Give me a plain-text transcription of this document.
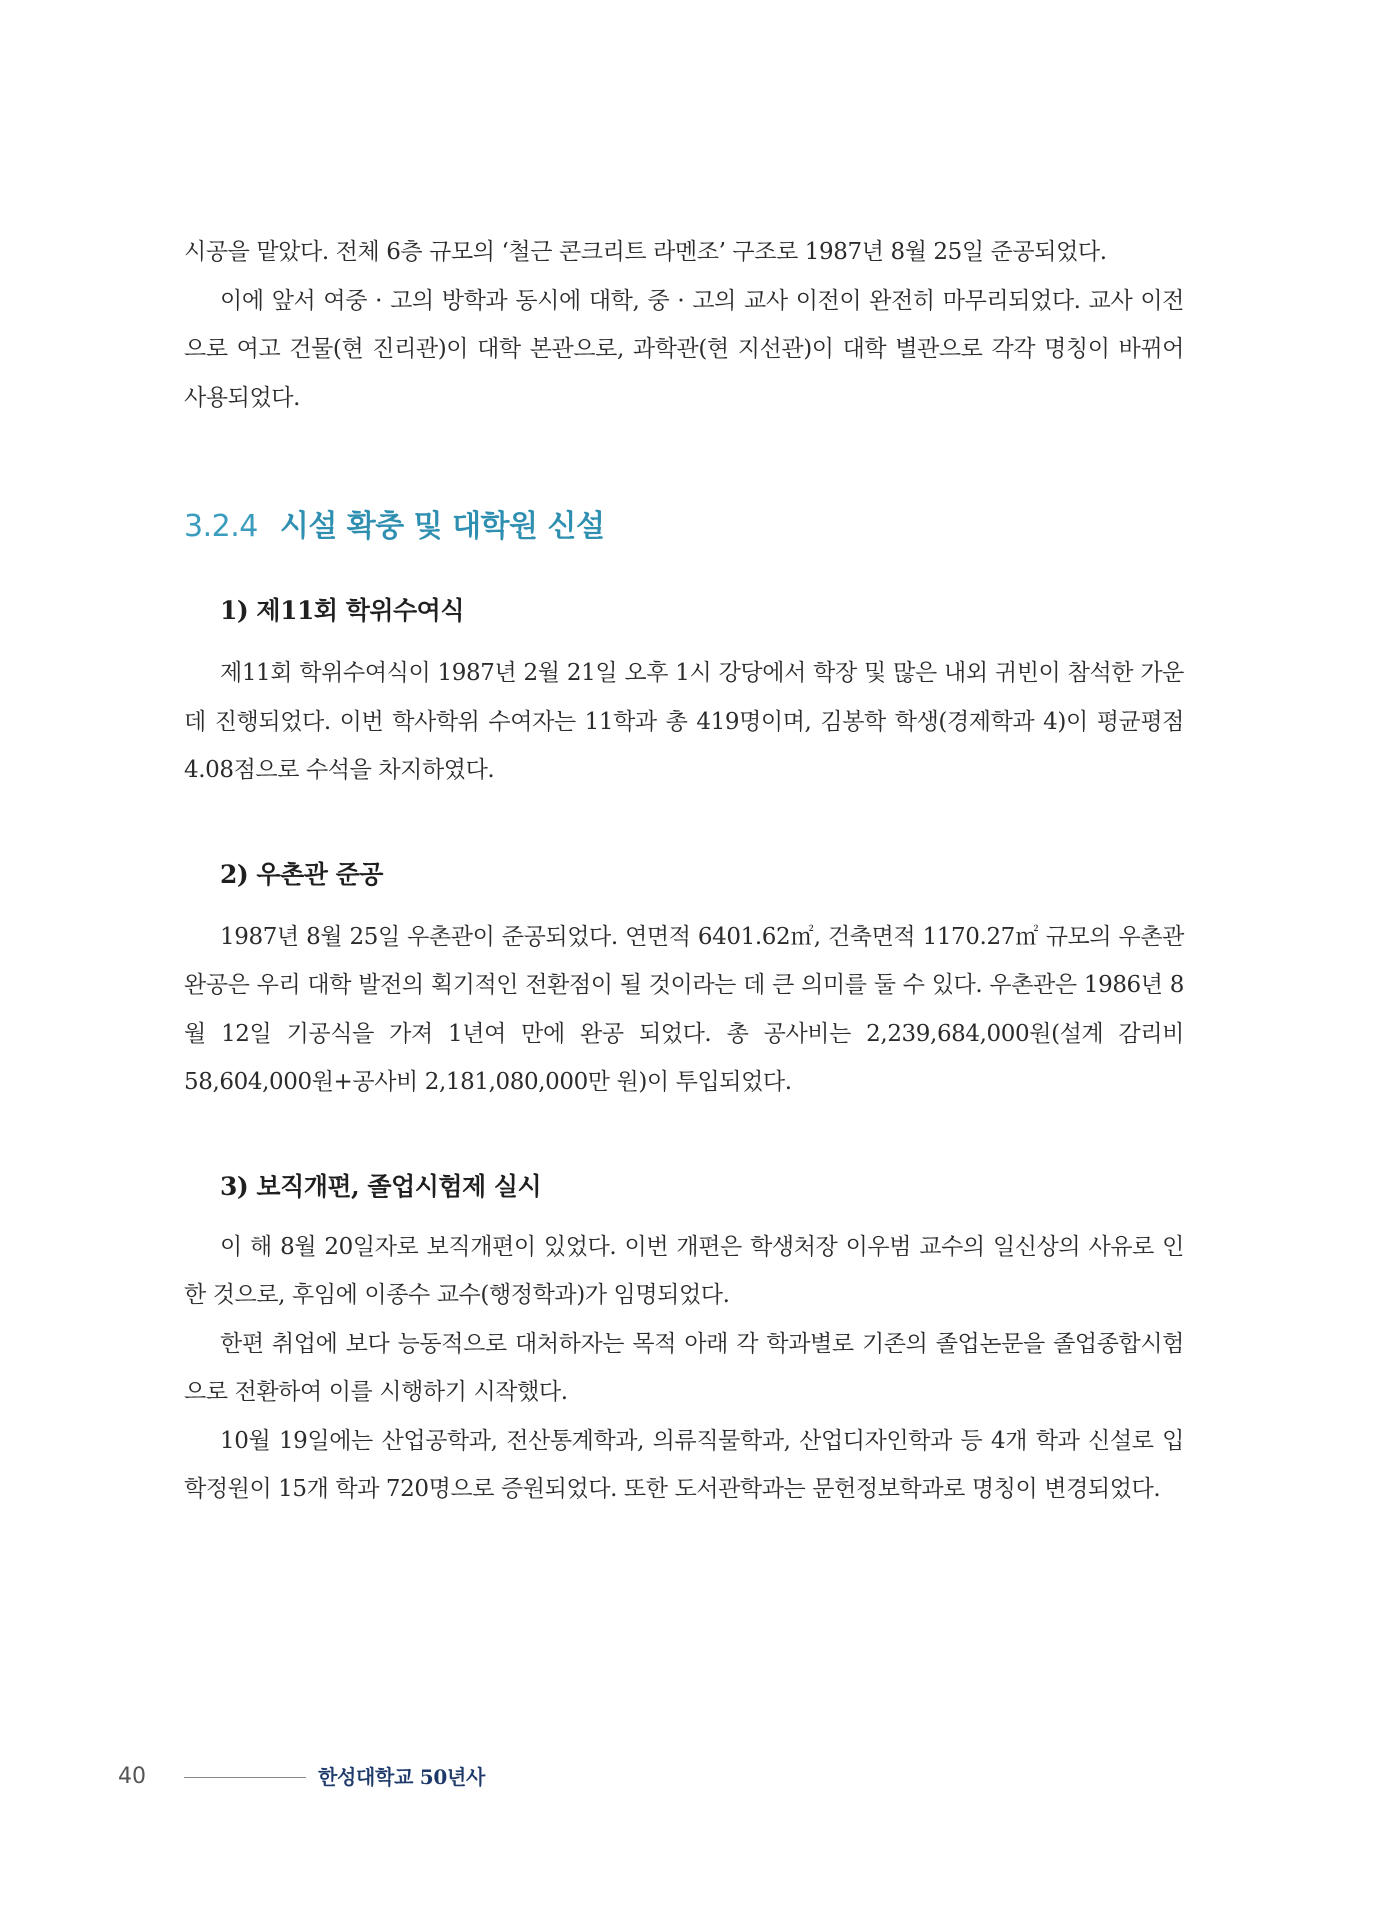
시공을 맡았다. 전체 6층 규모의 ‘철근 콘크리트 라멘조’ 구조로 1987년 8월 25일 준공되었다.

이에 앞서 여중 · 고의 방학과 동시에 대학, 중 · 고의 교사 이전이 완전히 마무리되었다. 교사 이전으로 여고 건물(현 진리관)이 대학 본관으로, 과학관(현 지선관)이 대학 별관으로 각각 명칭이 바뀌어 사용되었다.

3.2.4 시설 확충 및 대학원 신설
1) 제11회 학위수여식

제11회 학위수여식이 1987년 2월 21일 오후 1시 강당에서 학장 및 많은 내외 귀빈이 참석한 가운데 진행되었다. 이번 학사학위 수여자는 11학과 총 419명이며, 김봉학 학생(경제학과 4)이 평균평점 4.08점으로 수석을 차지하였다.

2) 우촌관 준공

1987년 8월 25일 우촌관이 준공되었다. 연면적 6401.62㎡, 건축면적 1170.27㎡ 규모의 우촌관 완공은 우리 대학 발전의 획기적인 전환점이 될 것이라는 데 큰 의미를 둘 수 있다. 우촌관은 1986년 8월 12일 기공식을 가져 1년여 만에 완공 되었다. 총 공사비는 2,239,684,000원(설계 감리비 58,604,000원+공사비 2,181,080,000만 원)이 투입되었다.

3) 보직개편, 졸업시험제 실시

이 해 8월 20일자로 보직개편이 있었다. 이번 개편은 학생처장 이우범 교수의 일신상의 사유로 인한 것으로, 후임에 이종수 교수(행정학과)가 임명되었다.

한편 취업에 보다 능동적으로 대처하자는 목적 아래 각 학과별로 기존의 졸업논문을 졸업종합시험으로 전환하여 이를 시행하기 시작했다.

10월 19일에는 산업공학과, 전산통계학과, 의류직물학과, 산업디자인학과 등 4개 학과 신설로 입학정원이 15개 학과 720명으로 증원되었다. 또한 도서관학과는 문헌정보학과로 명칭이 변경되었다.

40	한성대학교 50년사
